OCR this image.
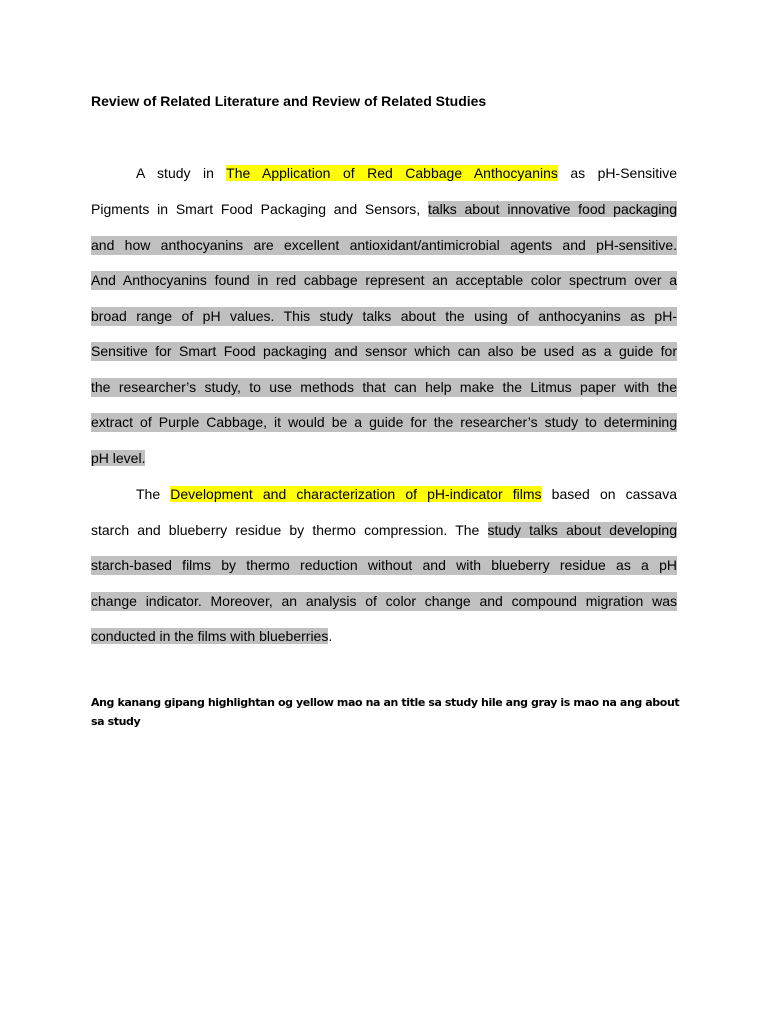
Review of Related Literature and Review of Related Studies
A study in The Application of Red Cabbage Anthocyanins as pH-Sensitive
Pigments in Smart Food Packaging and Sensors, talks about innovative food packaging
and how anthocyanins are excellent antioxidant/antimicrobial agents and pH-sensitive.
And Anthocyanins found in red cabbage represent an acceptable color spectrum over a
broad range of pH values. This study talks about the using of anthocyanins as pH-
Sensitive for Smart Food packaging and sensor which can also be used as a guide for
the researcher’s study, to use methods that can help make the Litmus paper with the
extract of Purple Cabbage, it would be a guide for the researcher’s study to determining
pH level.
The Development and characterization of pH-indicator films based on cassava
starch and blueberry residue by thermo compression. The study talks about developing
starch-based films by thermo reduction without and with blueberry residue as a pH
change indicator. Moreover, an analysis of color change and compound migration was
conducted in the films with blueberries.
Ang kanang gipang highlightan og yellow mao na an title sa study hile ang gray is mao na ang about sa study
